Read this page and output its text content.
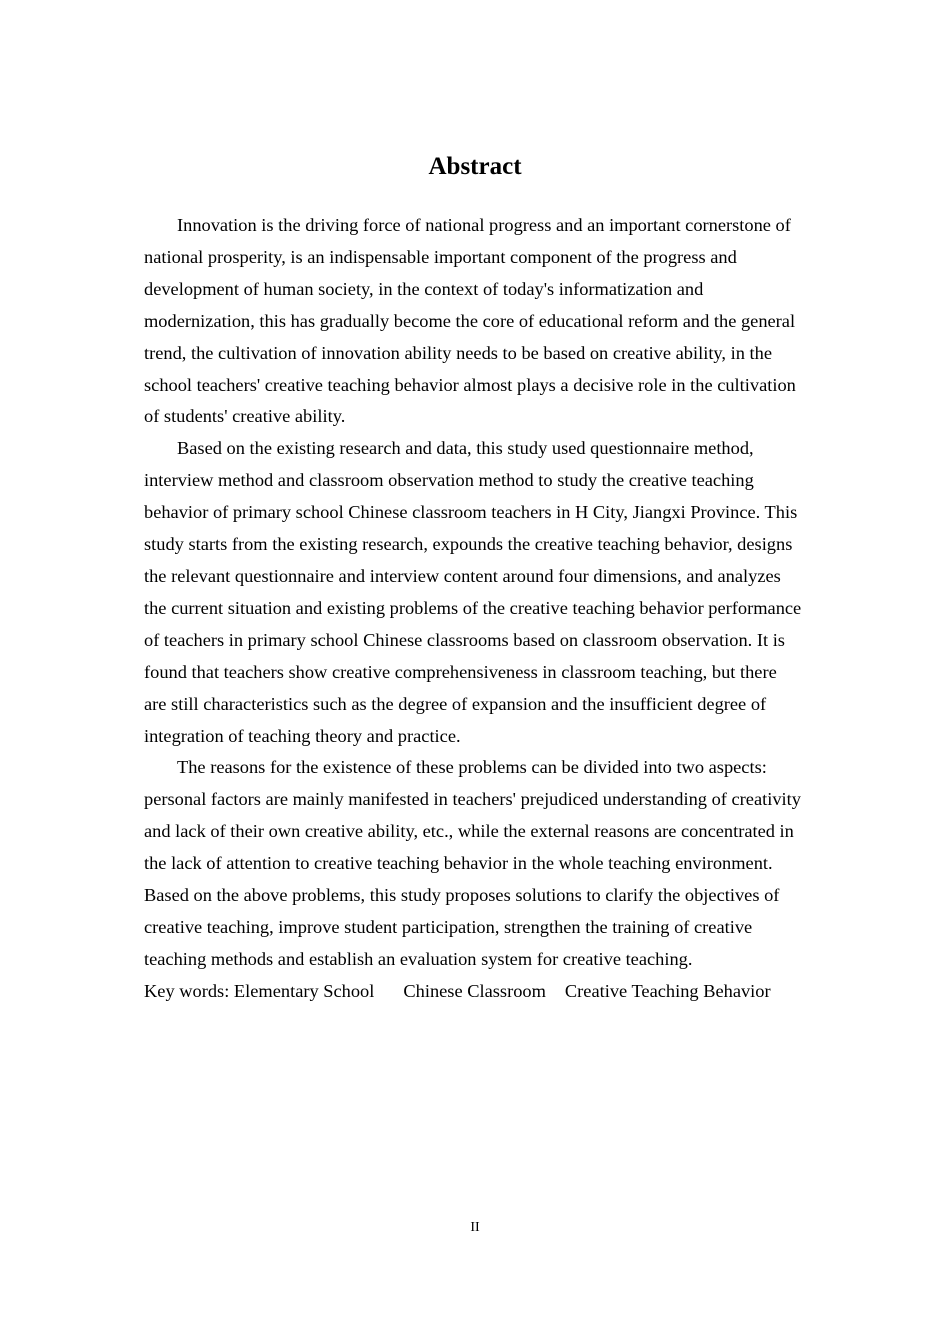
Abstract

Innovation is the driving force of national progress and an important cornerstone of national prosperity, is an indispensable important component of the progress and development of human society, in the context of today's informatization and modernization, this has gradually become the core of educational reform and the general trend, the cultivation of innovation ability needs to be based on creative ability, in the school teachers' creative teaching behavior almost plays a decisive role in the cultivation of students' creative ability.

Based on the existing research and data, this study used questionnaire method, interview method and classroom observation method to study the creative teaching behavior of primary school Chinese classroom teachers in H City, Jiangxi Province. This study starts from the existing research, expounds the creative teaching behavior, designs the relevant questionnaire and interview content around four dimensions, and analyzes the current situation and existing problems of the creative teaching behavior performance of teachers in primary school Chinese classrooms based on classroom observation. It is found that teachers show creative comprehensiveness in classroom teaching, but there are still characteristics such as the degree of expansion and the insufficient degree of integration of teaching theory and practice.

The reasons for the existence of these problems can be divided into two aspects: personal factors are mainly manifested in teachers' prejudiced understanding of creativity and lack of their own creative ability, etc., while the external reasons are concentrated in the lack of attention to creative teaching behavior in the whole teaching environment. Based on the above problems, this study proposes solutions to clarify the objectives of creative teaching, improve student participation, strengthen the training of creative teaching methods and establish an evaluation system for creative teaching.

Key words: Elementary School Chinese Classroom Creative Teaching Behavior

II
